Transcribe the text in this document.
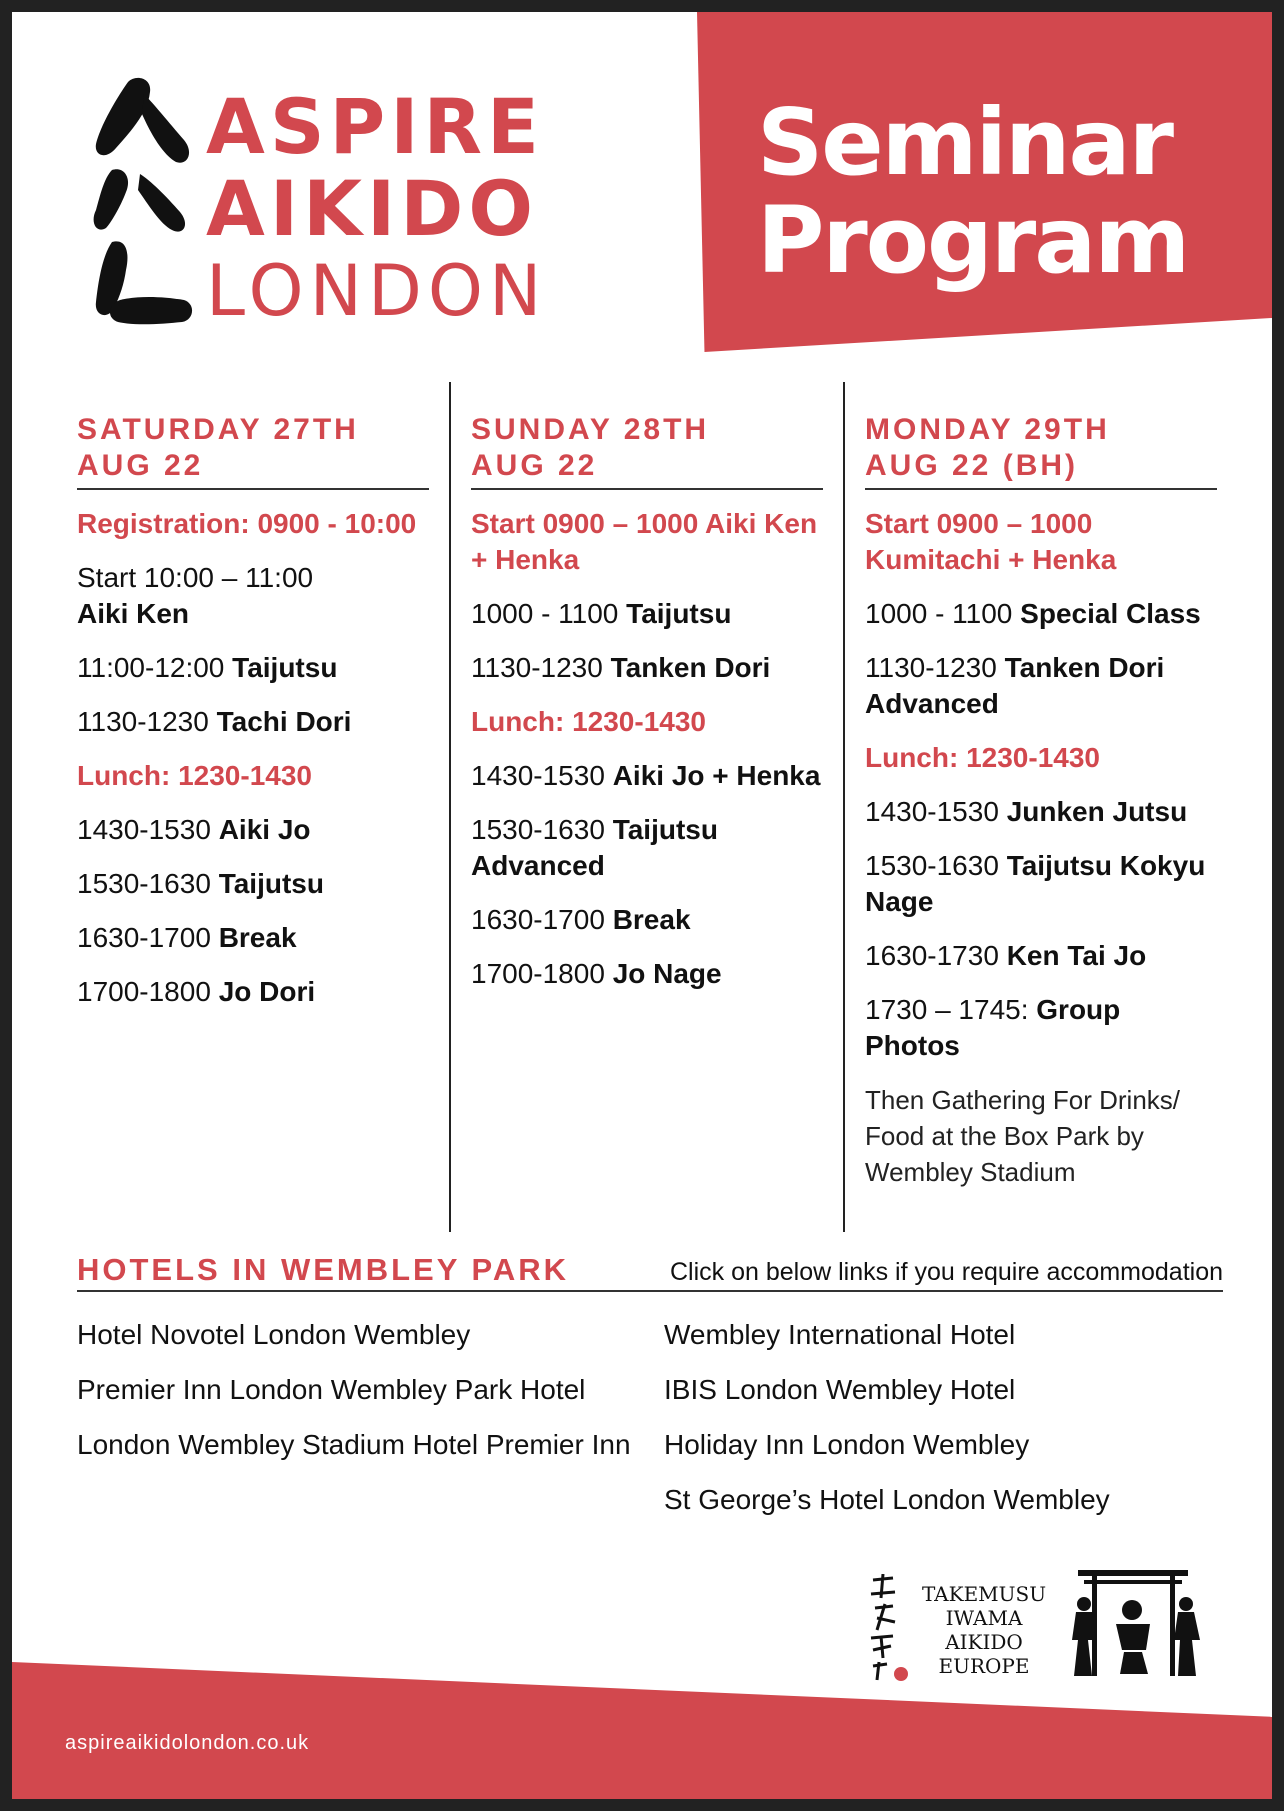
Seminar
Program
ASPIRE
AIKIDO
LONDON
SATURDAY 27TH
AUG 22
Registration: 0900 - 10:00
Start 10:00 – 11:00
Aiki Ken
11:00-12:00 Taijutsu
1130-1230 Tachi Dori
Lunch: 1230-1430
1430-1530 Aiki Jo
1530-1630 Taijutsu
1630-1700 Break
1700-1800 Jo Dori
SUNDAY 28TH
AUG 22
Start 0900 – 1000 Aiki Ken + Henka
1000 - 1100 Taijutsu
1130-1230 Tanken Dori
Lunch: 1230-1430
1430-1530 Aiki Jo + Henka
1530-1630 Taijutsu Advanced
1630-1700 Break
1700-1800 Jo Nage
MONDAY 29TH
AUG 22 (BH)
Start 0900 – 1000 Kumitachi + Henka
1000 - 1100 Special Class
1130-1230 Tanken Dori Advanced
Lunch: 1230-1430
1430-1530 Junken Jutsu
1530-1630 Taijutsu Kokyu Nage
1630-1730 Ken Tai Jo
1730 – 1745: Group Photos
Then Gathering For Drinks/ Food at the Box Park by Wembley Stadium
HOTELS IN WEMBLEY PARK	Click on below links if you require accommodation
Hotel Novotel London Wembley
Premier Inn London Wembley Park Hotel
London Wembley Stadium Hotel Premier Inn
Wembley International Hotel
IBIS London Wembley Hotel
Holiday Inn London Wembley
St George’s Hotel London Wembley
TAKEMUSU
IWAMA
AIKIDO
EUROPE
aspireaikidolondon.co.uk
